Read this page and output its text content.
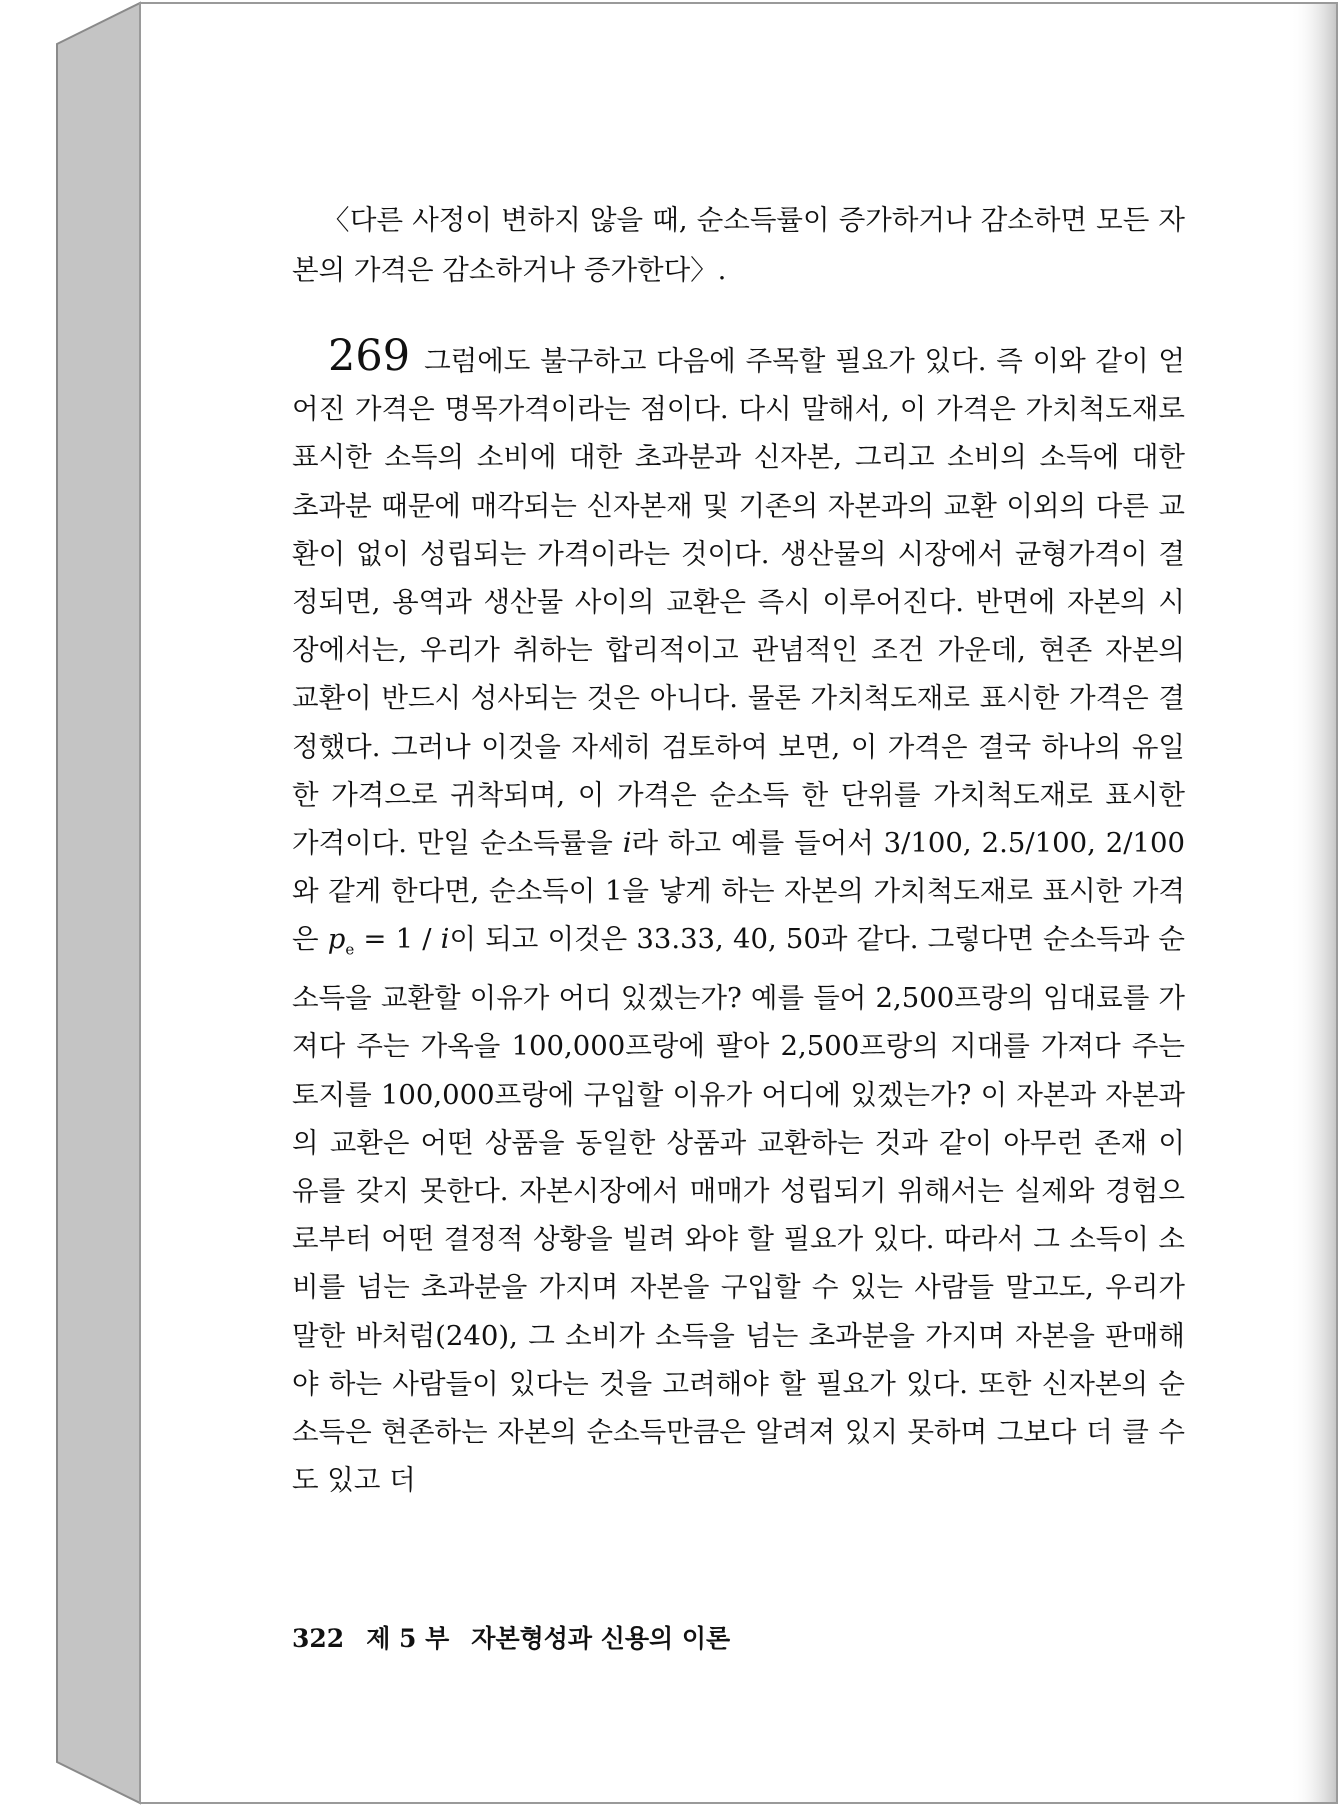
〈다른 사정이 변하지 않을 때, 순소득률이 증가하거나 감소하면 모든 자본의 가격은 감소하거나 증가한다〉.

269 그럼에도 불구하고 다음에 주목할 필요가 있다. 즉 이와 같이 얻어진 가격은 명목가격이라는 점이다. 다시 말해서, 이 가격은 가치척도재로 표시한 소득의 소비에 대한 초과분과 신자본, 그리고 소비의 소득에 대한 초과분 때문에 매각되는 신자본재 및 기존의 자본과의 교환 이외의 다른 교환이 없이 성립되는 가격이라는 것이다. 생산물의 시장에서 균형가격이 결정되면, 용역과 생산물 사이의 교환은 즉시 이루어진다. 반면에 자본의 시장에서는, 우리가 취하는 합리적이고 관념적인 조건 가운데, 현존 자본의 교환이 반드시 성사되는 것은 아니다. 물론 가치척도재로 표시한 가격은 결정했다. 그러나 이것을 자세히 검토하여 보면, 이 가격은 결국 하나의 유일한 가격으로 귀착되며, 이 가격은 순소득 한 단위를 가치척도재로 표시한 가격이다. 만일 순소득률을 i라 하고 예를 들어서 3/100, 2.5/100, 2/100와 같게 한다면, 순소득이 1을 낳게 하는 자본의 가치척도재로 표시한 가격은 $p_e = 1 / i$이 되고 이것은 33.33, 40, 50과 같다. 그렇다면 순소득과 순소득을 교환할 이유가 어디 있겠는가? 예를 들어 2,500프랑의 임대료를 가져다 주는 가옥을 100,000프랑에 팔아 2,500프랑의 지대를 가져다 주는 토지를 100,000프랑에 구입할 이유가 어디에 있겠는가? 이 자본과 자본과의 교환은 어떤 상품을 동일한 상품과 교환하는 것과 같이 아무런 존재 이유를 갖지 못한다. 자본시장에서 매매가 성립되기 위해서는 실제와 경험으로부터 어떤 결정적 상황을 빌려 와야 할 필요가 있다. 따라서 그 소득이 소비를 넘는 초과분을 가지며 자본을 구입할 수 있는 사람들 말고도, 우리가 말한 바처럼(240), 그 소비가 소득을 넘는 초과분을 가지며 자본을 판매해야 하는 사람들이 있다는 것을 고려해야 할 필요가 있다. 또한 신자본의 순소득은 현존하는 자본의 순소득만큼은 알려져 있지 못하며 그보다 더 클 수도 있고 더

322 제 5 부 자본형성과 신용의 이론
